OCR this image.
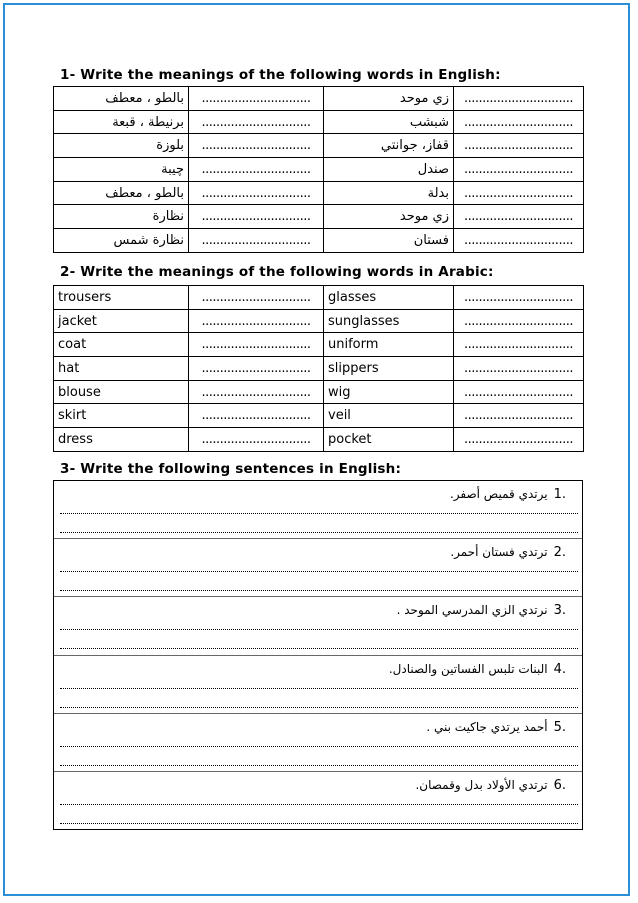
1- Write the meanings of the following words in English:
بالطو ، معطف	..............................	زي موحد	..............................
برنيطة ، قبعة	..............................	شبشب	..............................
بلوزة	..............................	قفاز، جوانتي	..............................
چيبة	..............................	صندل	..............................
بالطو ، معطف	..............................	بدلة	..............................
نظارة	..............................	زي موحد	..............................
نظارة شمس	..............................	فستان	..............................
2- Write the meanings of the following words in Arabic:
trousers	..............................	glasses	..............................
jacket	..............................	sunglasses	..............................
coat	..............................	uniform	..............................
hat	..............................	slippers	..............................
blouse	..............................	wig	..............................
skirt	..............................	veil	..............................
dress	..............................	pocket	..............................
3- Write the following sentences in English:
1.يرتدي قميص أصفر.
2.ترتدي فستان أحمر.
3.نرتدي الزي المدرسي الموحد .
4.البنات تلبس الفساتين والصنادل.
5.أحمد يرتدي جاكيت بني .
6.ترتدي الأولاد بدل وقمصان.
